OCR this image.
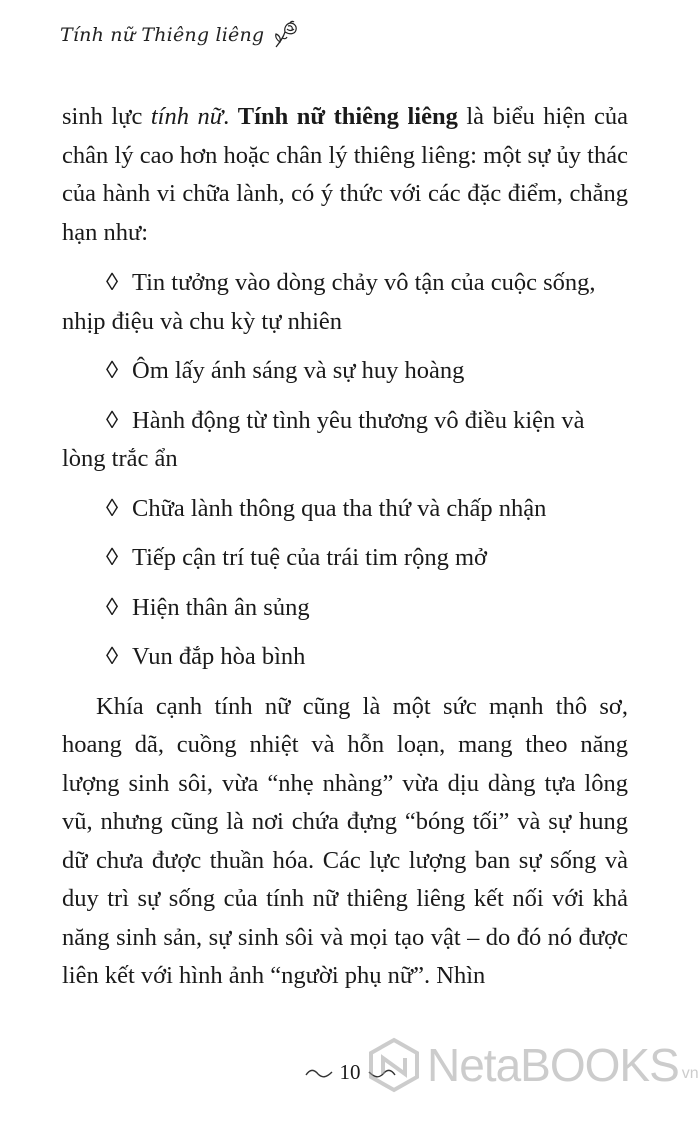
Tính nữ Thiêng liêng

sinh lực tính nữ. Tính nữ thiêng liêng là biểu hiện của chân lý cao hơn hoặc chân lý thiêng liêng: một sự ủy thác của hành vi chữa lành, có ý thức với các đặc điểm, chẳng hạn như:

◊ Tin tưởng vào dòng chảy vô tận của cuộc sống, nhịp điệu và chu kỳ tự nhiên
◊ Ôm lấy ánh sáng và sự huy hoàng
◊ Hành động từ tình yêu thương vô điều kiện và lòng trắc ẩn
◊ Chữa lành thông qua tha thứ và chấp nhận
◊ Tiếp cận trí tuệ của trái tim rộng mở
◊ Hiện thân ân sủng
◊ Vun đắp hòa bình

Khía cạnh tính nữ cũng là một sức mạnh thô sơ, hoang dã, cuồng nhiệt và hỗn loạn, mang theo năng lượng sinh sôi, vừa “nhẹ nhàng” vừa dịu dàng tựa lông vũ, nhưng cũng là nơi chứa đựng “bóng tối” và sự hung dữ chưa được thuần hóa. Các lực lượng ban sự sống và duy trì sự sống của tính nữ thiêng liêng kết nối với khả năng sinh sản, sự sinh sôi và mọi tạo vật – do đó nó được liên kết với hình ảnh “người phụ nữ”. Nhìn

10 NetaBOOKS vn
